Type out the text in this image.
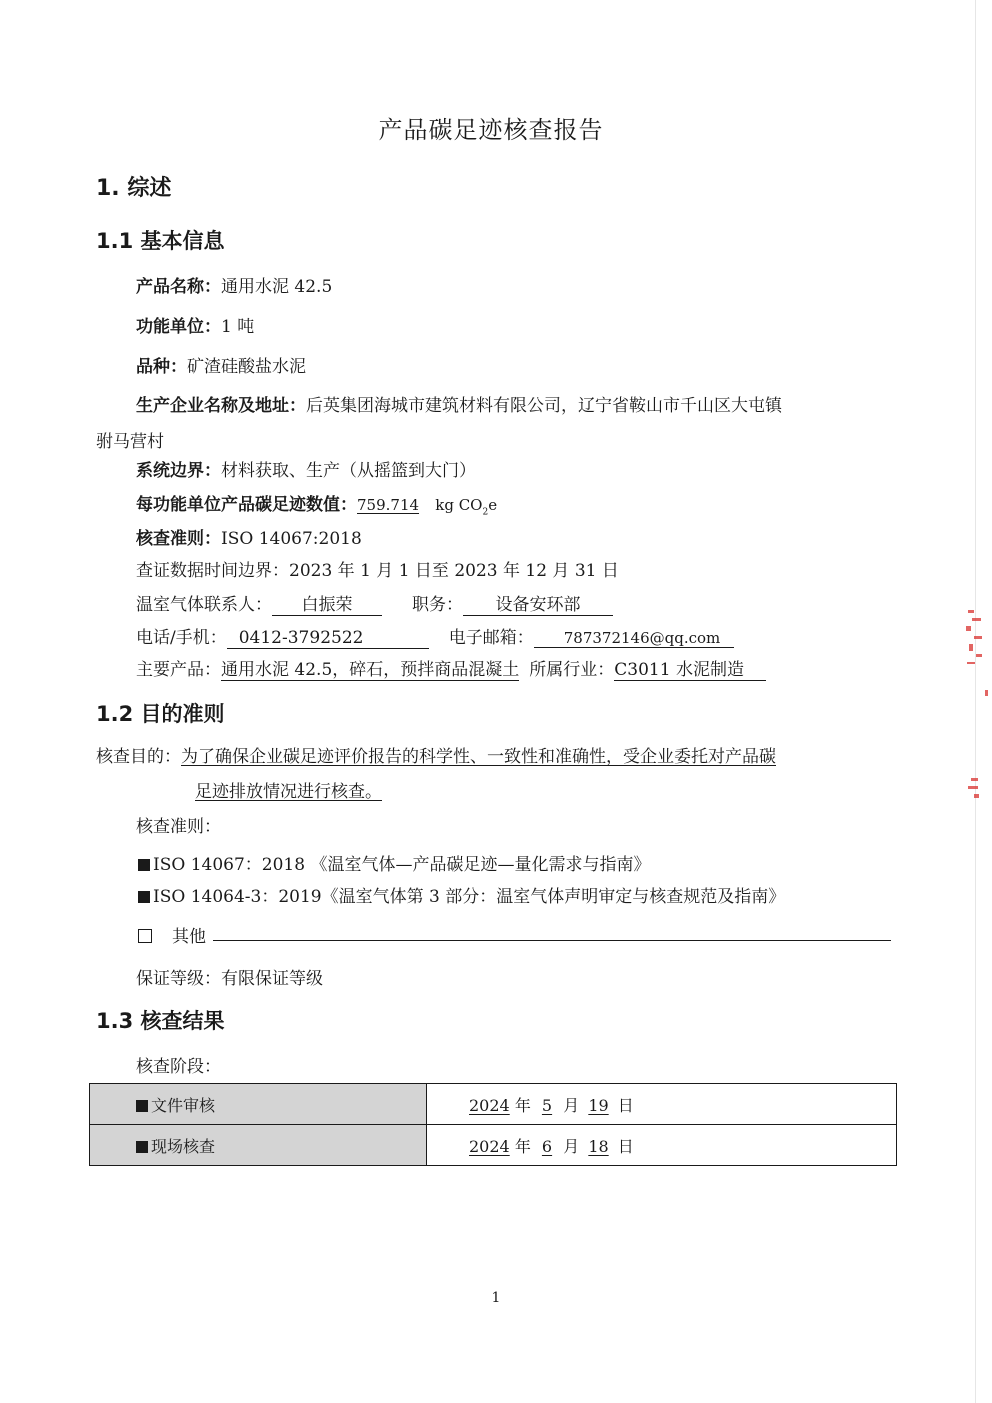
产品碳足迹核查报告
1. 综述
1.1 基本信息
产品名称：通用水泥 42.5
功能单位：1 吨
品种：矿渣硅酸盐水泥
生产企业名称及地址：后英集团海城市建筑材料有限公司，辽宁省鞍山市千山区大屯镇
驸马营村
系统边界：材料获取、生产（从摇篮到大门）
每功能单位产品碳足迹数值：759.714 kg $CO_2e$
核查准则：ISO 14067:2018
查证数据时间边界：2023 年 1 月 1 日至 2023 年 12 月 31 日
温室气体联系人： 白振荣	职务： 设备安环部
电话/手机： 0412-3792522	电子邮箱： 787372146@qq.com
主要产品：通用水泥 42.5，碎石，预拌商品混凝土 所属行业：C3011 水泥制造
1.2 目的准则
核查目的：为了确保企业碳足迹评价报告的科学性、一致性和准确性，受企业委托对产品碳
足迹排放情况进行核查。
核查准则：
ISO 14067：2018 《温室气体—产品碳足迹—量化需求与指南》
ISO 14064-3：2019《温室气体第 3 部分：温室气体声明审定与核查规范及指南》
其他
保证等级：有限保证等级
1.3 核查结果
核查阶段：
文件审核	2024 年 5 月 19 日
现场核查	2024 年 6 月 18 日
1
